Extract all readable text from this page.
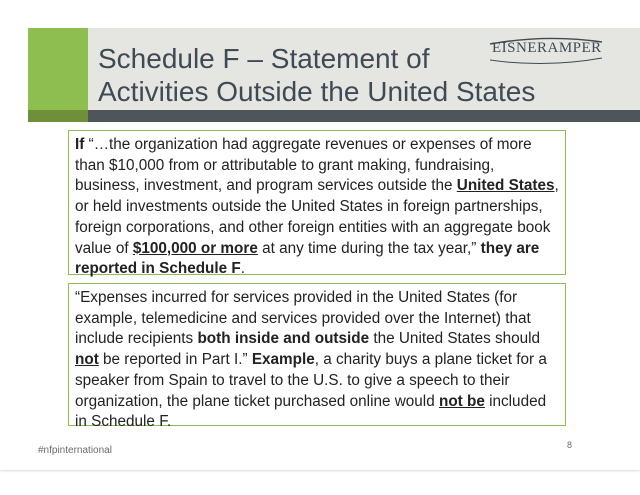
Schedule F – Statement of
Activities Outside the United States
EISNERAMPER

If “…the organization had aggregate revenues or expenses of more than $10,000 from or attributable to grant making, fundraising, business, investment, and program services outside the United States, or held investments outside the United States in foreign partnerships, foreign corporations, and other foreign entities with an aggregate book value of $100,000 or more at any time during the tax year,” they are reported in Schedule F.

“Expenses incurred for services provided in the United States (for example, telemedicine and services provided over the Internet) that include recipients both inside and outside the United States should not be reported in Part I.” Example, a charity buys a plane ticket for a speaker from Spain to travel to the U.S. to give a speech to their organization, the plane ticket purchased online would not be included in Schedule F.

#nfpinternational	8
